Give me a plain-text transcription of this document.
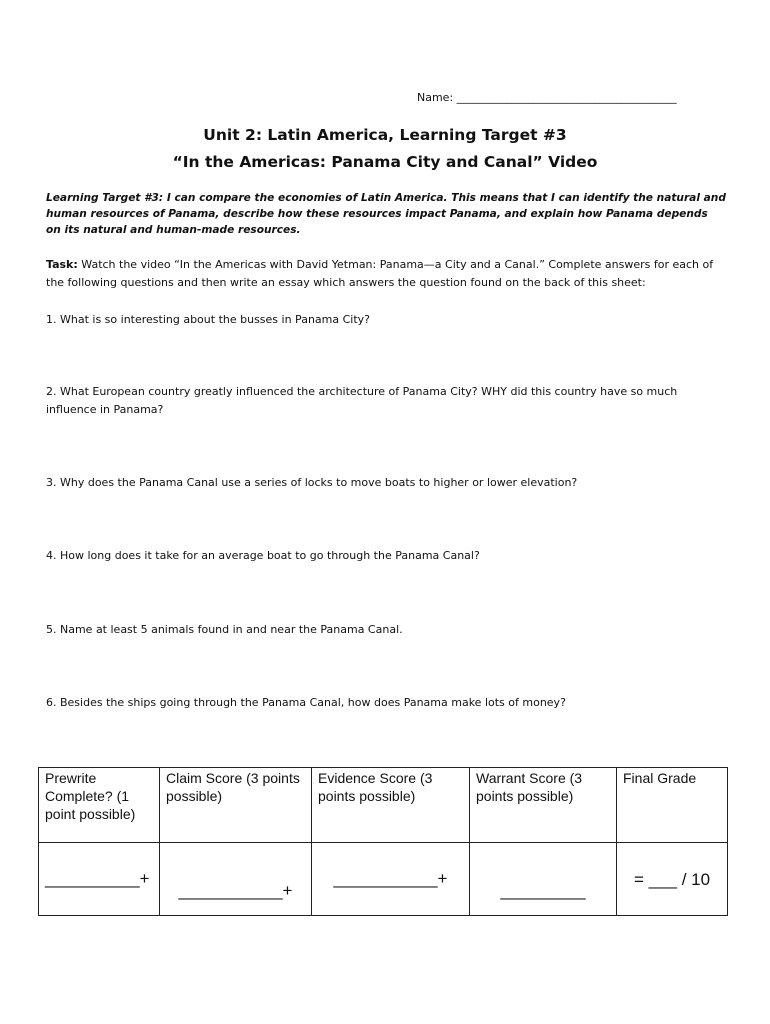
Name: ________________________________________
Unit 2: Latin America, Learning Target #3
“In the Americas: Panama City and Canal” Video
Learning Target #3: I can compare the economies of Latin America. This means that I can identify the natural and human resources of Panama, describe how these resources impact Panama, and explain how Panama depends on its natural and human-made resources.
Task: Watch the video “In the Americas with David Yetman: Panama—a City and a Canal.” Complete answers for each of the following questions and then write an essay which answers the question found on the back of this sheet:
1. What is so interesting about the busses in Panama City?
2. What European country greatly influenced the architecture of Panama City? WHY did this country have so much influence in Panama?
3. Why does the Panama Canal use a series of locks to move boats to higher or lower elevation?
4. How long does it take for an average boat to go through the Panama Canal?
5. Name at least 5 animals found in and near the Panama Canal.
6. Besides the ships going through the Panama Canal, how does Panama make lots of money?
Prewrite Complete? (1 point possible)	Claim Score (3 points possible)	Evidence Score (3 points possible)	Warrant Score (3 points possible)	Final Grade

__________+	___________+	___________+	_________	= ___ / 10
